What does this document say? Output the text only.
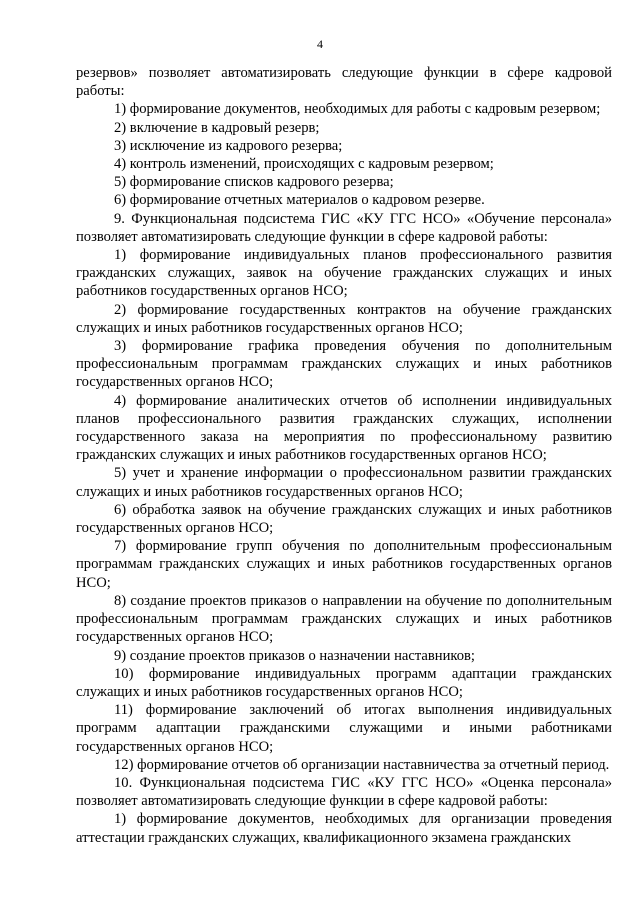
4

резервов» позволяет автоматизировать следующие функции в сфере кадровой работы:

1) формирование документов, необходимых для работы с кадровым резервом;

2) включение в кадровый резерв;

3) исключение из кадрового резерва;

4) контроль изменений, происходящих с кадровым резервом;

5) формирование списков кадрового резерва;

6) формирование отчетных материалов о кадровом резерве.

9. Функциональная подсистема ГИС «КУ ГГС НСО» «Обучение персонала» позволяет автоматизировать следующие функции в сфере кадровой работы:

1) формирование индивидуальных планов профессионального развития гражданских служащих, заявок на обучение гражданских служащих и иных работников государственных органов НСО;

2) формирование государственных контрактов на обучение гражданских служащих и иных работников государственных органов НСО;

3) формирование графика проведения обучения по дополнительным профессиональным программам гражданских служащих и иных работников государственных органов НСО;

4) формирование аналитических отчетов об исполнении индивидуальных планов профессионального развития гражданских служащих, исполнении государственного заказа на мероприятия по профессиональному развитию гражданских служащих и иных работников государственных органов НСО;

5) учет и хранение информации о профессиональном развитии гражданских служащих и иных работников государственных органов НСО;

6) обработка заявок на обучение гражданских служащих и иных работников государственных органов НСО;

7) формирование групп обучения по дополнительным профессиональным программам гражданских служащих и иных работников государственных органов НСО;

8) создание проектов приказов о направлении на обучение по дополнительным профессиональным программам гражданских служащих и иных работников государственных органов НСО;

9) создание проектов приказов о назначении наставников;

10) формирование индивидуальных программ адаптации гражданских служащих и иных работников государственных органов НСО;

11) формирование заключений об итогах выполнения индивидуальных программ адаптации гражданскими служащими и иными работниками государственных органов НСО;

12) формирование отчетов об организации наставничества за отчетный период.

10. Функциональная подсистема ГИС «КУ ГГС НСО» «Оценка персонала» позволяет автоматизировать следующие функции в сфере кадровой работы:

1) формирование документов, необходимых для организации проведения аттестации гражданских служащих, квалификационного экзамена гражданских
